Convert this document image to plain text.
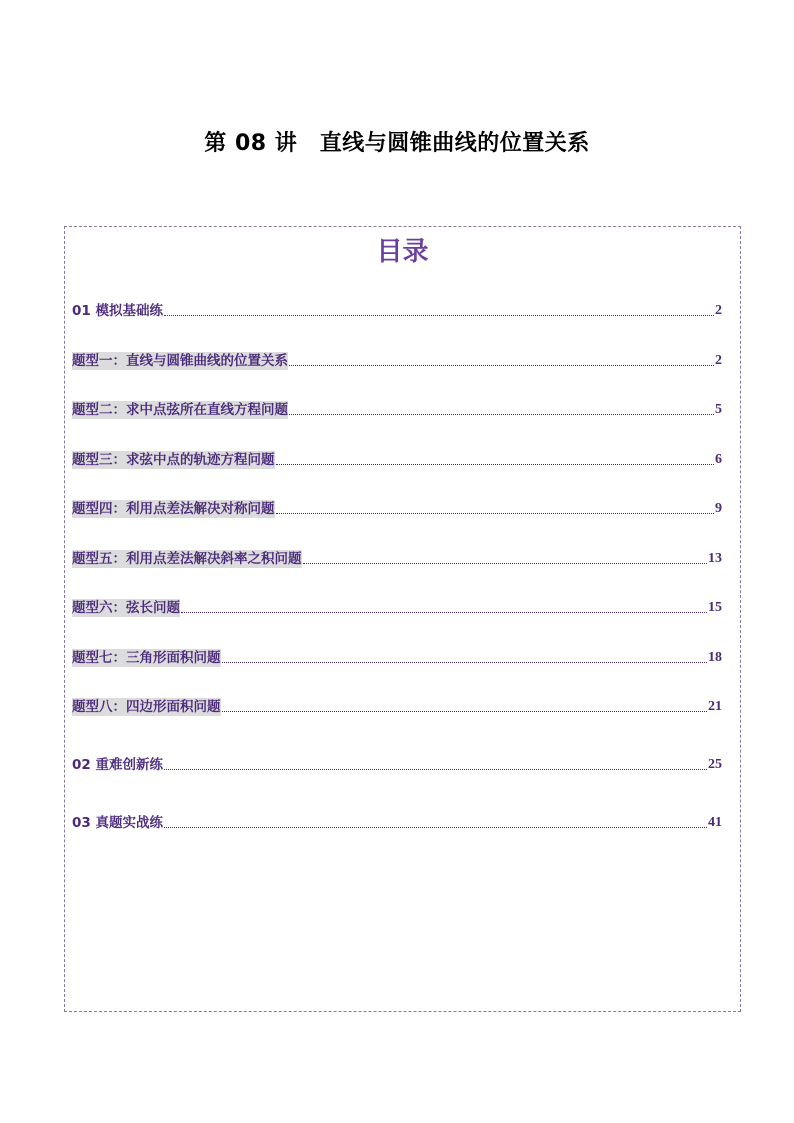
第 08 讲　直线与圆锥曲线的位置关系
目录
01 模拟基础练	2
题型一：直线与圆锥曲线的位置关系	2
题型二：求中点弦所在直线方程问题	5
题型三：求弦中点的轨迹方程问题	6
题型四：利用点差法解决对称问题	9
题型五：利用点差法解决斜率之积问题	13
题型六：弦长问题	15
题型七：三角形面积问题	18
题型八：四边形面积问题	21
02 重难创新练	25
03 真题实战练	41
